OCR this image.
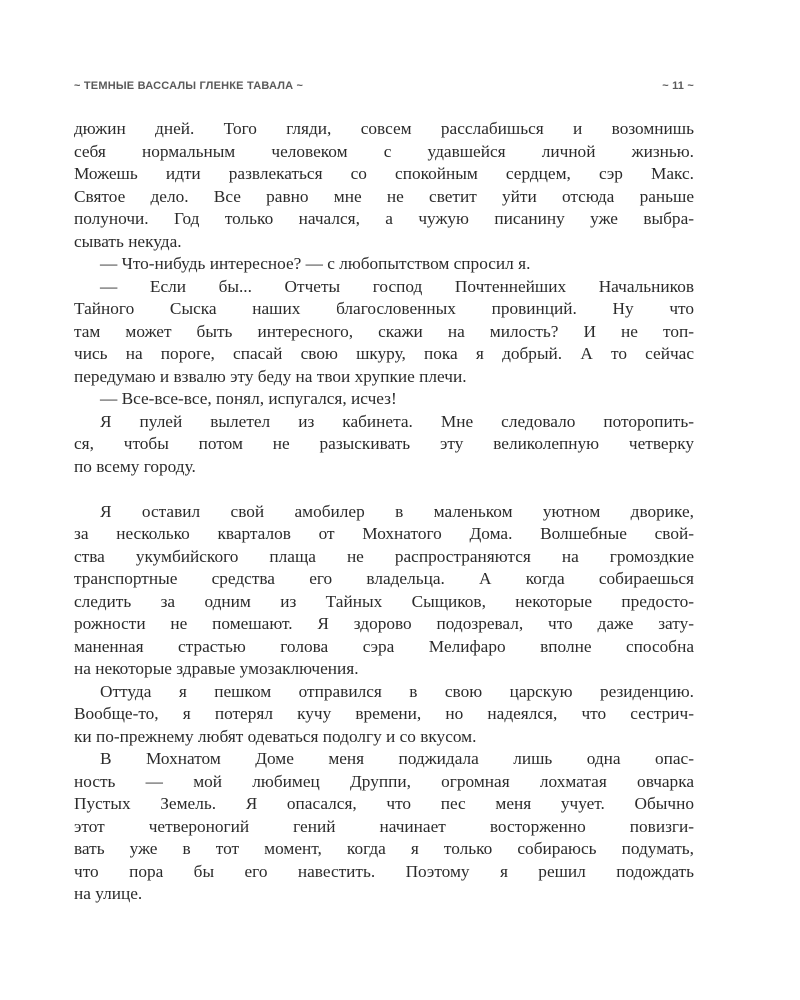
~ ТЕМНЫЕ ВАССАЛЫ ГЛЕНКЕ ТАВАЛА ~	~ 11 ~
дюжин дней. Того гляди, совсем расслабишься и возомнишь
себя нормальным человеком с удавшейся личной жизнью.
Можешь идти развлекаться со спокойным сердцем, сэр Макс.
Святое дело. Все равно мне не светит уйти отсюда раньше
полуночи. Год только начался, а чужую писанину уже выбра-
сывать некуда.
— Что-нибудь интересное? — с любопытством спросил я.
— Если бы... Отчеты господ Почтеннейших Начальников
Тайного Сыска наших благословенных провинций. Ну что
там может быть интересного, скажи на милость? И не топ-
чись на пороге, спасай свою шкуру, пока я добрый. А то сейчас
передумаю и взвалю эту беду на твои хрупкие плечи.
— Все-все-все, понял, испугался, исчез!
Я пулей вылетел из кабинета. Мне следовало поторопить-
ся, чтобы потом не разыскивать эту великолепную четверку
по всему городу.
Я оставил свой амобилер в маленьком уютном дворике,
за несколько кварталов от Мохнатого Дома. Волшебные свой-
ства укумбийского плаща не распространяются на громоздкие
транспортные средства его владельца. А когда собираешься
следить за одним из Тайных Сыщиков, некоторые предосто-
рожности не помешают. Я здорово подозревал, что даже зату-
маненная страстью голова сэра Мелифаро вполне способна
на некоторые здравые умозаключения.
Оттуда я пешком отправился в свою царскую резиденцию.
Вообще-то, я потерял кучу времени, но надеялся, что сестрич-
ки по-прежнему любят одеваться подолгу и со вкусом.
В Мохнатом Доме меня поджидала лишь одна опас-
ность — мой любимец Друппи, огромная лохматая овчарка
Пустых Земель. Я опасался, что пес меня учует. Обычно
этот четвероногий гений начинает восторженно повизги-
вать уже в тот момент, когда я только собираюсь подумать,
что пора бы его навестить. Поэтому я решил подождать
на улице.
